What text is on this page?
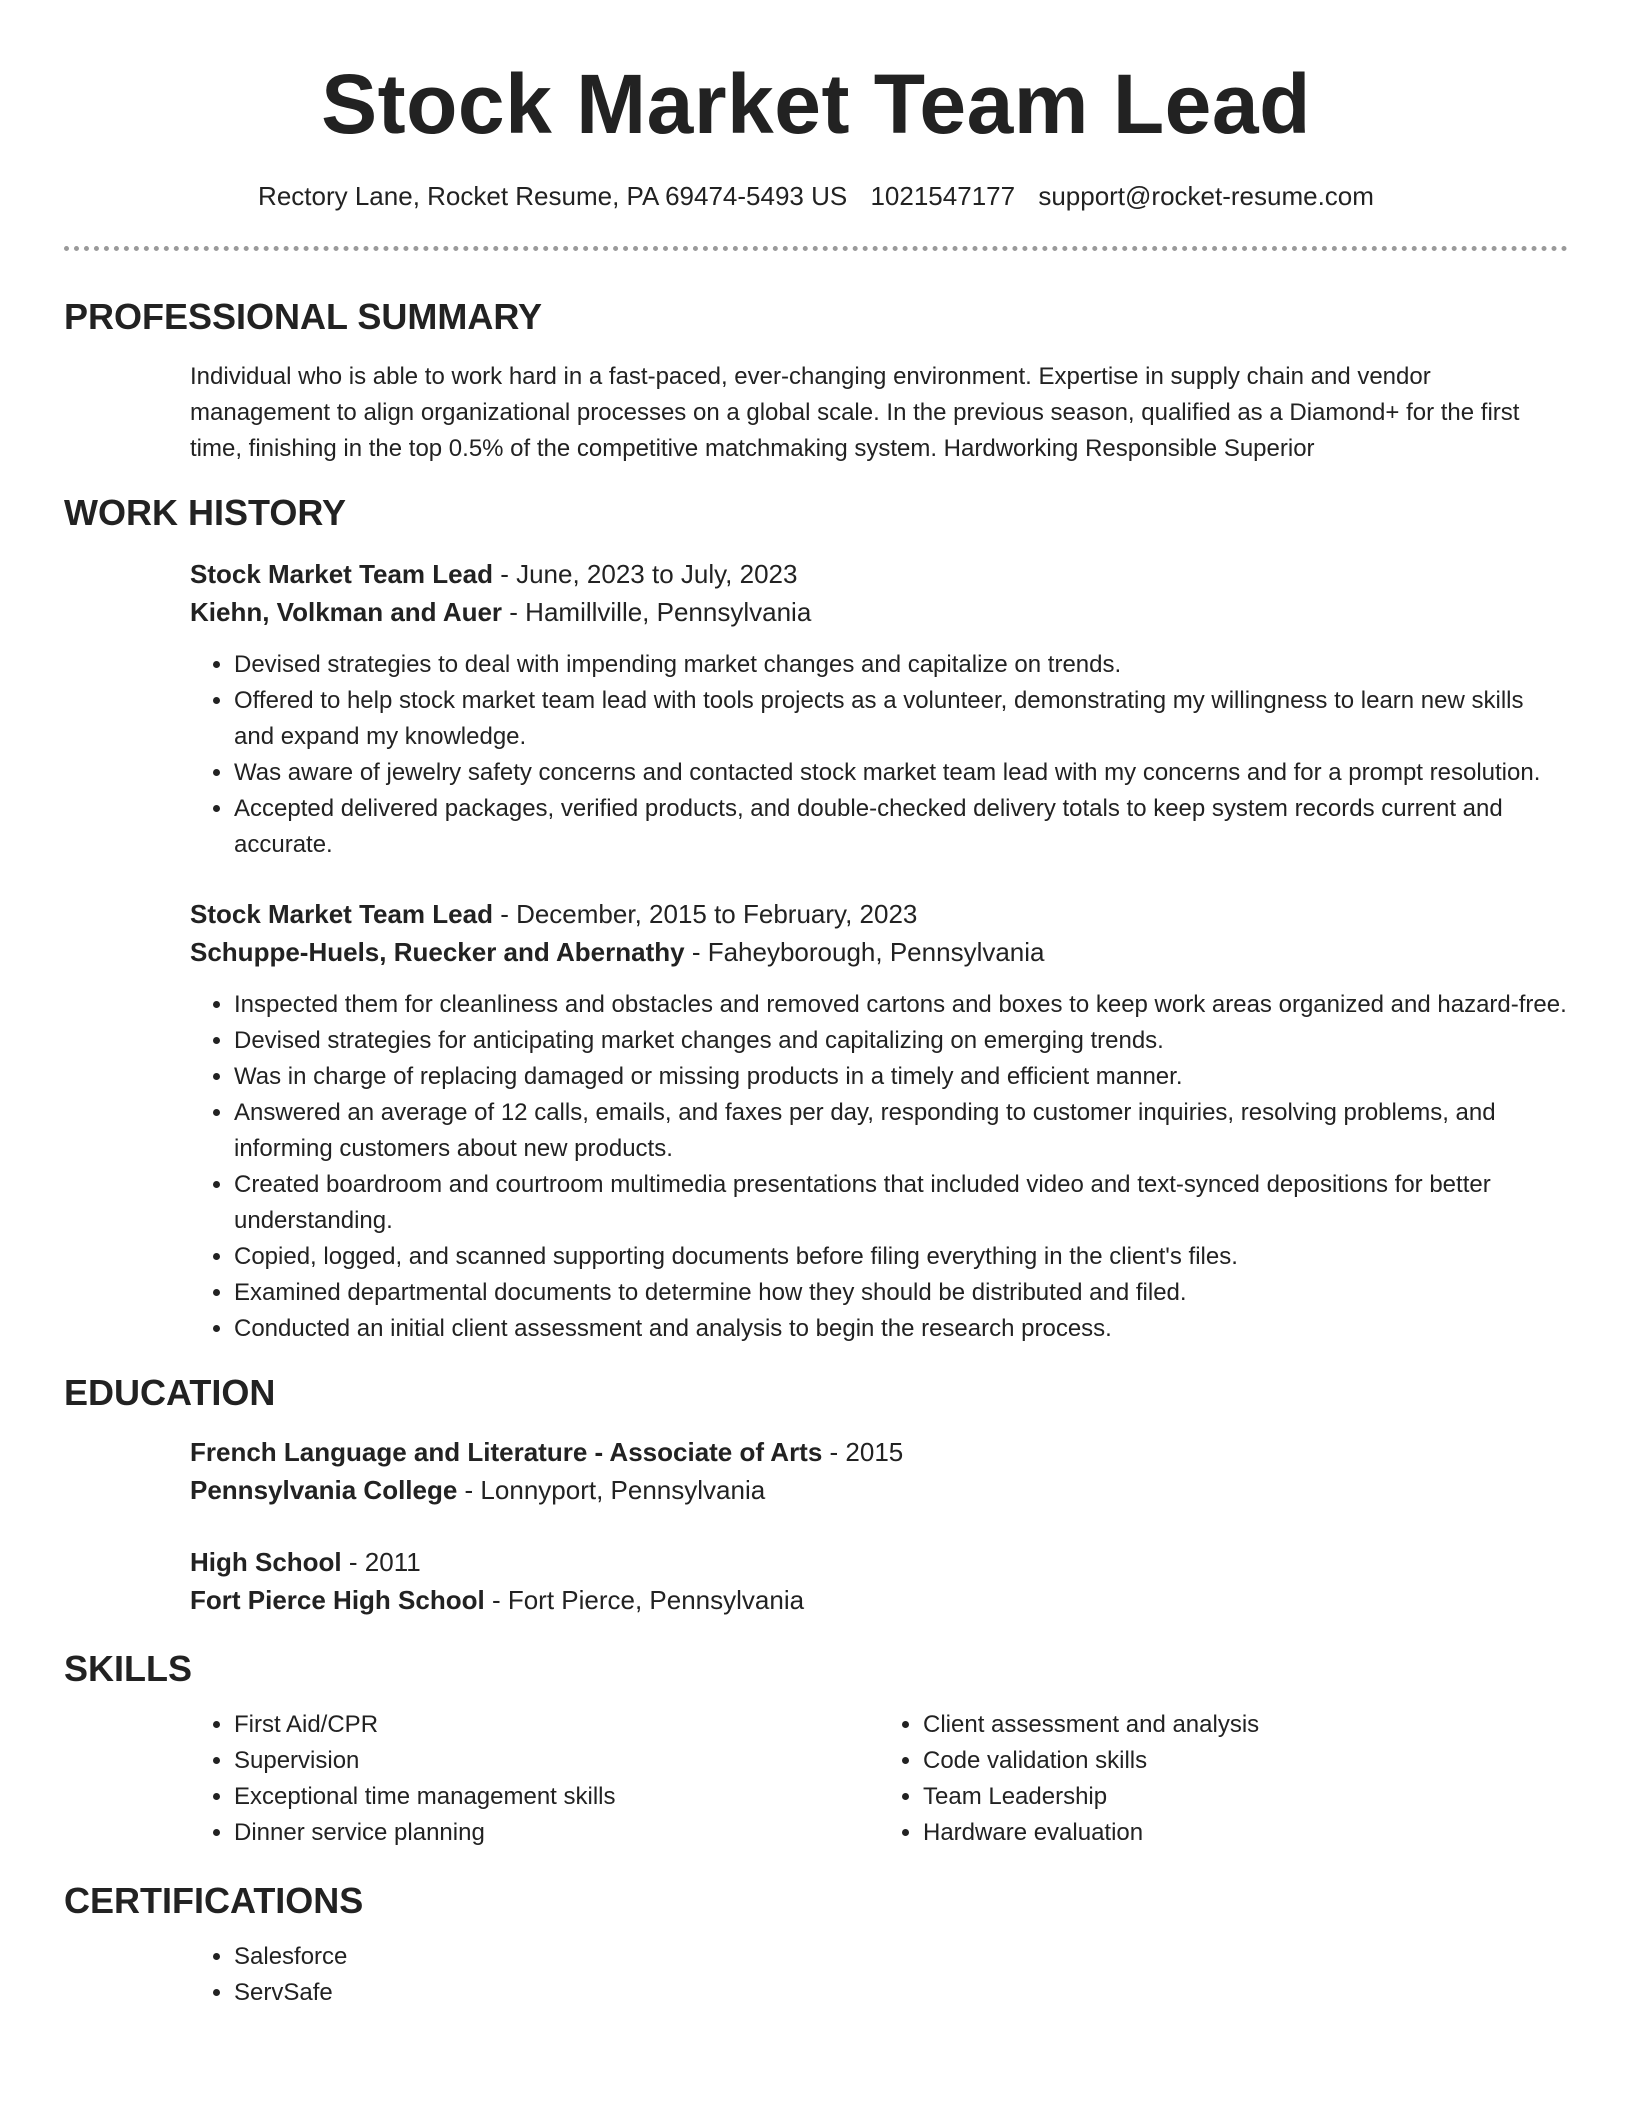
Stock Market Team Lead
Rectory Lane, Rocket Resume, PA 69474-5493 US 1021547177 support@rocket-resume.com
PROFESSIONAL SUMMARY

Individual who is able to work hard in a fast-paced, ever-changing environment. Expertise in supply chain and vendor management to align organizational processes on a global scale. In the previous season, qualified as a Diamond+ for the first time, finishing in the top 0.5% of the competitive matchmaking system. Hardworking Responsible Superior

WORK HISTORY

Stock Market Team Lead - June, 2023 to July, 2023

Kiehn, Volkman and Auer - Hamillville, Pennsylvania

• Devised strategies to deal with impending market changes and capitalize on trends.
• Offered to help stock market team lead with tools projects as a volunteer, demonstrating my willingness to learn new skills and expand my knowledge.
• Was aware of jewelry safety concerns and contacted stock market team lead with my concerns and for a prompt resolution.
• Accepted delivered packages, verified products, and double-checked delivery totals to keep system records current and accurate.

Stock Market Team Lead - December, 2015 to February, 2023

Schuppe-Huels, Ruecker and Abernathy - Faheyborough, Pennsylvania

• Inspected them for cleanliness and obstacles and removed cartons and boxes to keep work areas organized and hazard-free.
• Devised strategies for anticipating market changes and capitalizing on emerging trends.
• Was in charge of replacing damaged or missing products in a timely and efficient manner.
• Answered an average of 12 calls, emails, and faxes per day, responding to customer inquiries, resolving problems, and informing customers about new products.
• Created boardroom and courtroom multimedia presentations that included video and text-synced depositions for better understanding.
• Copied, logged, and scanned supporting documents before filing everything in the client's files.
• Examined departmental documents to determine how they should be distributed and filed.
• Conducted an initial client assessment and analysis to begin the research process.
EDUCATION

French Language and Literature - Associate of Arts - 2015

Pennsylvania College - Lonnyport, Pennsylvania

High School - 2011

Fort Pierce High School - Fort Pierce, Pennsylvania

SKILLS
• First Aid/CPR
• Supervision
• Exceptional time management skills
• Dinner service planning
• Client assessment and analysis
• Code validation skills
• Team Leadership
• Hardware evaluation
CERTIFICATIONS
• Salesforce
• ServSafe
